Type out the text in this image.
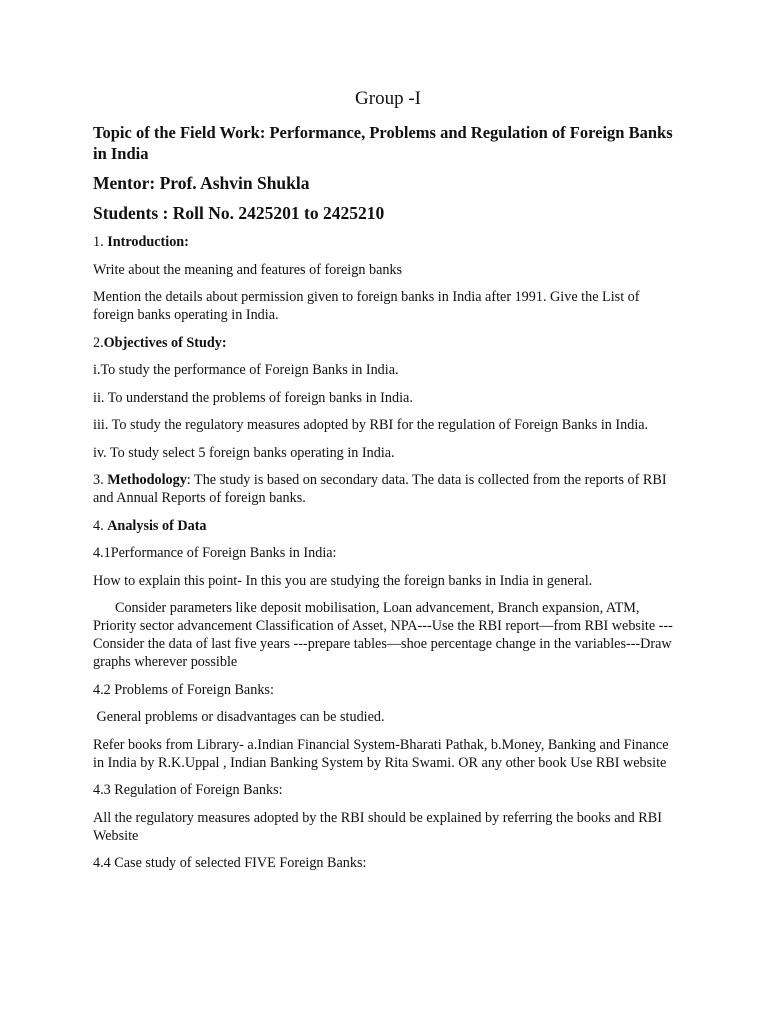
Group -I
Topic of the Field Work: Performance, Problems and Regulation of Foreign Banks in India
Mentor: Prof. Ashvin Shukla
Students : Roll No. 2425201 to 2425210
1. Introduction:
Write about the meaning and features of foreign banks
Mention the details about permission given to foreign banks in India after 1991. Give the List of foreign banks operating in India.
2.Objectives of Study:
i.To study the performance of Foreign Banks in India.
ii. To understand the problems of foreign banks in India.
iii. To study the regulatory measures adopted by RBI for the regulation of Foreign Banks in India.
iv. To study select 5 foreign banks operating in India.
3. Methodology: The study is based on secondary data. The data is collected from the reports of RBI and Annual Reports of foreign banks.
4. Analysis of Data
4.1Performance of Foreign Banks in India:
How to explain this point- In this you are studying the foreign banks in India in general.
Consider parameters like deposit mobilisation, Loan advancement, Branch expansion, ATM, Priority sector advancement Classification of Asset, NPA---Use the RBI report—from RBI website ---Consider the data of last five years ---prepare tables—shoe percentage change in the variables---Draw graphs wherever possible
4.2 Problems of Foreign Banks:
General problems or disadvantages can be studied.
Refer books from Library- a.Indian Financial System-Bharati Pathak, b.Money, Banking and Finance in India by R.K.Uppal , Indian Banking System by Rita Swami. OR any other book Use RBI website
4.3 Regulation of Foreign Banks:
All the regulatory measures adopted by the RBI should be explained by referring the books and RBI Website
4.4 Case study of selected FIVE Foreign Banks:
